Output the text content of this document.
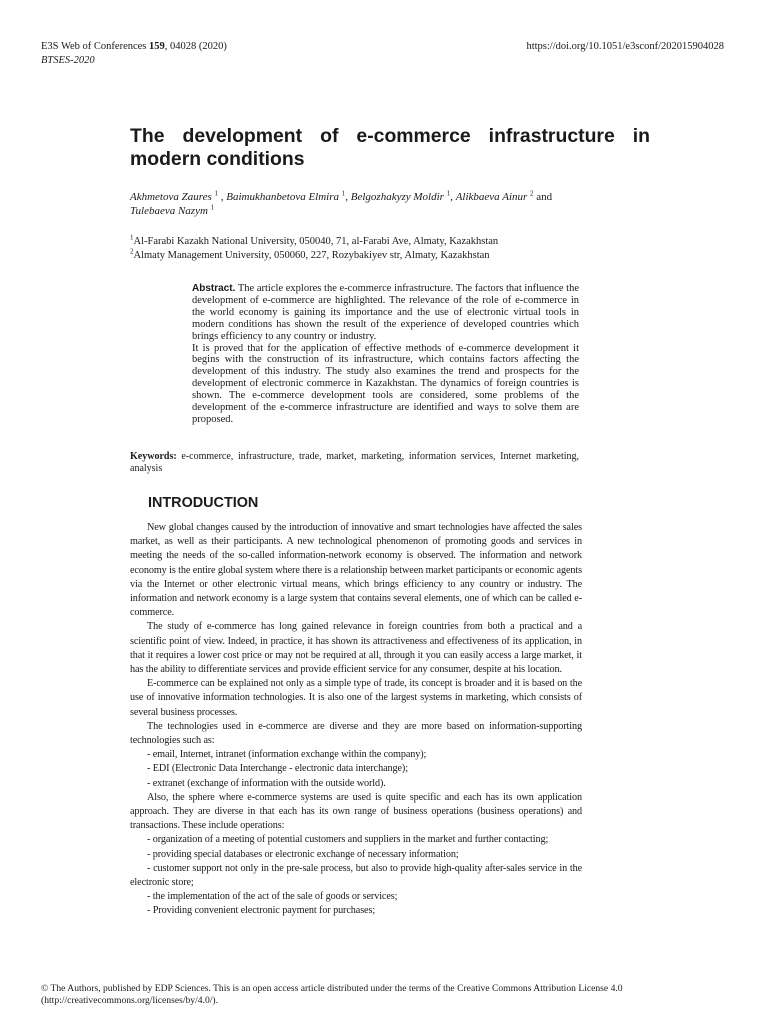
E3S Web of Conferences 159, 04028 (2020)	https://doi.org/10.1051/e3sconf/202015904028
BTSES-2020
The development of e-commerce infrastructure in modern conditions
Akhmetova Zaures $^1$ , Baimukhanbetova Elmira $^1$, Belgozhakyzy Moldir $^1$, Alikbaeva Ainur $^2$ and
Tulebaeva Nazym $^1$
$^1$Al-Farabi Kazakh National University, 050040, 71, al-Farabi Ave, Almaty, Kazakhstan
$^2$Almaty Management University, 050060, 227, Rozybakiyev str, Almaty, Kazakhstan

Abstract. The article explores the e-commerce infrastructure. The factors that influence the development of e-commerce are highlighted. The relevance of the role of e-commerce in the world economy is gaining its importance and the use of electronic virtual tools in modern conditions has shown the result of the experience of developed countries which brings efficiency to any country or industry.

It is proved that for the application of effective methods of e-commerce development it begins with the construction of its infrastructure, which contains factors affecting the development of this industry. The study also examines the trend and prospects for the development of electronic commerce in Kazakhstan. The dynamics of foreign countries is shown. The e-commerce development tools are considered, some problems of the development of the e-commerce infrastructure are identified and ways to solve them are proposed.

Keywords: e-commerce, infrastructure, trade, market, marketing, information services, Internet marketing, analysis
INTRODUCTION

New global changes caused by the introduction of innovative and smart technologies have affected the sales market, as well as their participants. A new technological phenomenon of promoting goods and services in meeting the needs of the so-called information-network economy is observed. The information and network economy is the entire global system where there is a relationship between market participants or economic agents via the Internet or other electronic virtual means, which brings efficiency to any country or industry. The information and network economy is a large system that contains several elements, one of which can be called e-commerce.

The study of e-commerce has long gained relevance in foreign countries from both a practical and a scientific point of view. Indeed, in practice, it has shown its attractiveness and effectiveness of its application, in that it requires a lower cost price or may not be required at all, through it you can easily access a large market, it has the ability to differentiate services and provide efficient service for any consumer, despite at his location.

E-commerce can be explained not only as a simple type of trade, its concept is broader and it is based on the use of innovative information technologies. It is also one of the largest systems in marketing, which consists of several business processes.

The technologies used in e-commerce are diverse and they are more based on information-supporting technologies such as:

- email, Internet, intranet (information exchange within the company);

- EDI (Electronic Data Interchange - electronic data interchange);

- extranet (exchange of information with the outside world).

Also, the sphere where e-commerce systems are used is quite specific and each has its own application approach. They are diverse in that each has its own range of business operations (business operations) and transactions. These include operations:

- organization of a meeting of potential customers and suppliers in the market and further contacting;

- providing special databases or electronic exchange of necessary information;

- customer support not only in the pre-sale process, but also to provide high-quality after-sales service in the electronic store;

- the implementation of the act of the sale of goods or services;

- Providing convenient electronic payment for purchases;

© The Authors, published by EDP Sciences. This is an open access article distributed under the terms of the Creative Commons Attribution License 4.0
(http://creativecommons.org/licenses/by/4.0/).
